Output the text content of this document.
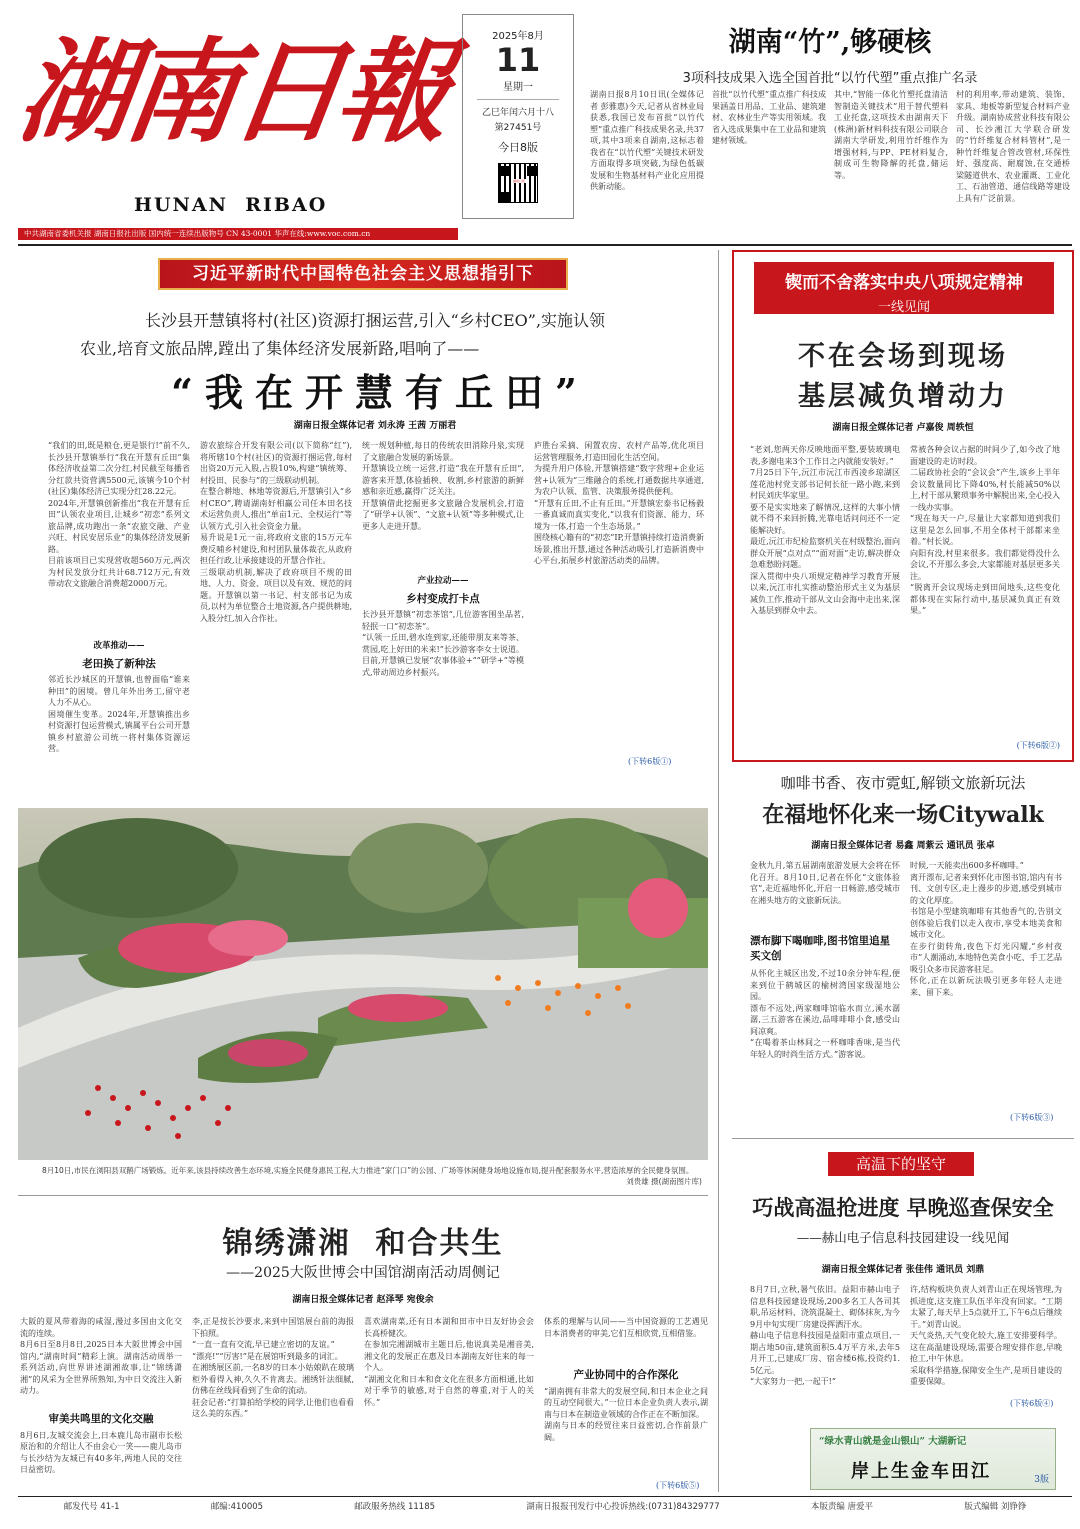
湖南日報
HUNAN  RIBAO
2025年8月
11
星期一
乙巳年闰六月十八
第27451号
今日8版
湖南日报
湖南“竹”,够硬核
3项科技成果入选全国首批“以竹代塑”重点推广名录
湖南日报8月10日讯(全媒体记者 彭雅惠)今天,记者从省林业局获悉,我国已发布首批“以竹代塑”重点推广科技成果名录,共37项,其中3项来自湖南,这标志着我省在“以竹代塑”关键技术研发方面取得多项突破,为绿色低碳发展和生物基材料产业化应用提供新动能。
首批“以竹代塑”重点推广科技成果涵盖日用品、工业品、建筑建材、农林业生产等实用领域。我省入选成果集中在工业品和建筑建材领域。
其中,“智能一体化竹塑托盘清洁智制造关键技术”用于替代塑料工业托盘,这项技术由湖南天下(株洲)新材料科技有限公司联合湖南大学研发,利用竹纤维作为增强材料,与PP、PE材料复合,制成可生物降解的托盘,储运等。
村的利用率,带动建筑、装饰、家具、地板等新型复合材料产业升级。湖南协成营业科技有限公司、长沙湘江大学联合研发的“竹纤维复合材料管材”,是一种竹纤维复合管改管材,环保性好、强度高、耐腐蚀,在交通桥梁隧道供水、农业灌溉、工业化工、石油管道、通信线路等建设上具有广泛前景。
中共湖南省委机关报 湖南日报社出版 国内统一连续出版物号 CN 43-0001 华声在线:www.voc.com.cn
习近平新时代中国特色社会主义思想指引下
长沙县开慧镇将村(社区)资源打捆运营,引入“乡村CEO”,实施认领
农业,培育文旅品牌,蹚出了集体经济发展新路,唱响了——
“我在开慧有丘田”
湖南日报全媒体记者 刘永涛 王茜 万丽君
“我们的田,既是粮仓,更是银行!”前不久,长沙县开慧镇举行“我在开慧有丘田”集体经济收益第二次分红,村民截至每播省分红款共资营满5500元,该镇今10个村(社区)集体经济已实现分红28.22元。
2024年,开慧镇创新推出“我在开慧有丘田”认领农业项目,让城乡“初恋”系列文旅品牌,成功跑出一条“农旅交融、产业兴旺、村民安居乐业”的集体经济发展新路。
目前该项目已实现营收超560万元,两次为村民发放分红共计68.712万元,有效带动农文旅融合消费超2000万元。
改革推动——
老田换了新种法
邻近长沙城区的开慧镇,也曾面临“谁来种田”的困境。曾几年外出务工,留守老人力不从心。
困境催生变革。2024年,开慧镇推出乡村资源打包运营模式,镇属平台公司开慧镇乡村旅游公司统一将村集体资源运营。
游农旅综合开发有限公司(以下简称“红”),将所辖10个村(社区)的资源打捆运营,每村出资20万元入股,占股10%,构建“镇统筹、村投田、民参与”的三级联动机制。
在整合耕地、林地等资源后,开慧镇引入“乡村CEO”,聘请湖南好相赢公司任本田名技术运营负责人,推出“单亩1元、全权运行”等认领方式,引入社会资金力量。
易升说是1元一亩,将政府文旅的15万元车费反哺乡村建设,和村团队量体裁衣,从政府担任行政,让承接建设的开慧合作社。
三级联动机制,解决了政府项目不规的田地、人力、资金、项目以及有效、规范的问题。开慧镇以第一书记、村支部书记为成员,以村为单位整合土地资源,各户提供耕地,入股分红,加入合作社。
统一规划种植,每日的传统农田消除丹泉,实现了文旅融合发展的新场景。
开慧镇设立统一运营,打造“我在开慧有丘田”,游客来开慧,体验插秧、收割,乡村旅游的新鲜感和亲近感,赢得广泛关注。
开慧镇借此挖掘更多文旅融合发展机会,打造了“研学+认领”、“文旅+认领”等多种模式,让更多人走进开慧。
产业拉动——
乡村变成打卡点
长沙县开慧镇“初恋茶馆”,几位游客围坐品茗,轻抿一口“初恋茶”。
“认领一丘田,碧水连到家,还能带朋友来等茶、赏园,吃上好田的米来!”长沙游客李女士说道。
目前,开慧镇已发展“农事体验+”“研学+”等模式,带动周边乡村振兴。
庐胜台采摘、闲置农房、农村产品等,优化项目运营管理服务,打造田园化生活空间。
为提升用户体验,开慧镇搭建“数字营理+企业运营+认领为”三维融合的系统,打通数据共享通道,为农户认领、监管、决策服务提供便利。
“开慧有丘田,不止有丘田。”开慧镇宏泰书记杨毅一番真诚而真实变化,“以我有们资源、能力、环境为一体,打造一个生态场景。”
围绕核心籍有的“初恋”IP,开慧镇持续打造消费新场景,推出开慧,通过各种活动吸引,打造新消费中心平台,拓展乡村旅游活动类的品牌。
(下转6版①)
锲而不舍落实中央八项规定精神
一线见闻
不在会场到现场
基层减负增动力
湖南日报全媒体记者 卢嘉俊 周轶恒
“老刘,您两天你反映地面平整,要装玻璃电表,多谢电来3个工作日之内就能安装好。”
7月25日下午,沅江市沅江市西凌乡琼湖区莲花池村党支部书记何长征一路小跑,来到村民刘庆华家里。
要不是实实地来了解情况,这样的大事小情就不得不来回折腾,光靠电话问问还不一定能解决好。
最近,沅江市纪检监察机关在村级整治,面向群众开展“点对点”“面对面”走访,解决群众急难愁盼问题。
深入贯彻中央八项规定精神学习教育开展以来,沅江市扎实推动整治形式主义为基层减负工作,推动干部从文山会海中走出来,深入基层到群众中去。
常被各种会议占据的时间少了,如今改了地面建设的走访时段。
二届政协社会的“会议会”产生,该乡上半年会议数量同比下降40%,村长能减50%以上,村干部从繁琐事务中解脱出来,全心投入一线办实事。
“现在每天一户,尽量让大家都知道到我们这里是怎么回事,不用全体村干部都来坐着。”村长说。
向阳有没,村里来很多。我们都觉得没什么会议,不开那么多会,大家都能对基层更多关注。
“脱离开会议现场走到田间地头,这些变化都体现在实际行动中,基层减负真正有效果。”
(下转6版②)
8月10日,市民在浏阳县双鹅广场锻炼。近年来,该县持续改善生态环境,实施全民健身惠民工程,大力推进“家门口”的公园、广场等休闲健身场地设施布局,提升配套服务水平,营造浓厚的全民健身氛围。
刘贵雄 摄(湖南图片库)
咖啡书香、夜市霓虹,解锁文旅新玩法
在福地怀化来一场Citywalk
湖南日报全媒体记者 易鑫 周紫云 通讯员 张卓
金秋九月,第五届湖南旅游发展大会将在怀化召开。8月10日,记者在怀化“文旅体验官”,走近福地怀化,开启一日畅游,感受城市在湘头地方的文旅新玩法。
漂布脚下喝咖啡,图书馆里追星买文创
从怀化主城区出发,不过10余分钟车程,便来到位于鹤城区的榆树湾国家级湿地公园。
漂布不远处,两家咖啡馆临水而立,溪水潺潺,三五游客在溪边,品啡啡啡小食,感受山间凉爽。
“在喝着茶山林间之一杯咖啡香味,是当代年轻人的时尚生活方式。”游客说。
时候,一天能卖出600多杯咖啡。”
离开漂布,记者来到怀化市图书馆,馆内有书刊、文创专区,走上漫步的步道,感受到城市的文化厚度。
书馆是小型建筑咖啡有其他香气的,告别文创体验后我们以走入夜市,享受本地美食和城市文化。
在步行街转角,夜色下灯光闪耀,“乡村夜市”人潮涌动,本地特色美食小吃、手工艺品吸引众多市民游客驻足。
怀化,正在以新玩法吸引更多年轻人走进来、留下来。
(下转6版③)
高温下的坚守
巧战高温抢进度 早晚巡查保安全
——赫山电子信息科技园建设一线见闻
湖南日报全媒体记者 张佳伟 通讯员 刘鼎
8月7日,立秋,暑气依旧。益阳市赫山电子信息科技园建设现场,200多名工人各司其职,吊运材料、浇筑混凝土、砌体抹灰,为今9月中旬实现厂房建设挥洒汗水。
赫山电子信息科技园是益阳市重点项目,一期占地50亩,建筑面积5.4万平方米,去年5月开工,已建成厂房、宿舍楼6栋,投资约1.5亿元。
“大家努力一把,一起干!”
许,结构板块负责人刘青山正在现场管理,为抓进度,这支施工队伍半年没有回家。“工期太紧了,每天早上5点就开工,下午6点后继续干。”刘青山说。
天气炎热,天气变化较大,施工安排要科学。这在高温建设现场,需要合理安排作息,早晚抢工,中午休息。
采取科学措施,保障安全生产,是项目建设的重要保障。
(下转6版④)
“绿水青山就是金山银山” 大湖新记
岸上生金车田江	3版
锦绣潇湘  和合共生
——2025大阪世博会中国馆湖南活动周侧记
湖南日报全媒体记者 赵泽琴 宛俊余
大阪的夏风带着海的咸湿,漫过多国由文化交流的连续。
8月6日至8月8日,2025日本大阪世博会中国馆内,“湖南时间”精彩上演。湖南活动周举一系列活动,向世界讲述湖湘故事,让“锦绣潇湘”的风采为全世界所熟知,为中日交流注入新动力。
审美共鸣里的文化交融
8月6日,友城交流会上,日本鹿儿岛市副市长松原治和的介绍让人不由会心一笑——鹿儿岛市与长沙结为友城已有40多年,两地人民的交往日益密切。
李,正是按长沙要求,来到中国馆展台前的海报下拍照。
“一直一直有交流,早已建立密切的友谊。”
“漂亮!”“厉害!”是在展馆听到最多的词汇。
在湘绣展区前,一名8岁的日本小姑娘趴在玻璃柜外看得入神,久久不肯离去。湘绣针法细腻,仿佛在丝线间看到了生命的流动。
驻会记者:“打算拍给学校的同学,让他们也看看这么美的东西。”
喜欢湖南菜,还有日本湖和田市中日友好协会会长高桥健次。
在参加完湘湖城市主题日后,他说真美是湘音美,湘文化的发展正在惠及日本湖南友好往来的每一个人。
“湖湘文化和日本和食文化在很多方面相通,比如对于季节的敏感,对于自然的尊重,对于人的关怀。”
体系的理解与认同——当中国资源的工艺遇见日本消费者的审美,它们互相欣赏,互相借鉴。
产业协同中的合作深化
“湖南拥有非常大的发展空间,和日本企业之间的互动空间很大。”一位日本企业负责人表示,湖南与日本在制造业领域的合作正在不断加深。
湖南与日本的经贸往来日益密切,合作前景广阔。
(下转6版⑤)
邮发代号 41-1	邮编:410005	邮政服务热线 11185	湖南日报报刊发行中心投诉热线:(0731)84329777	本版责编 唐爱平	版式编辑 刘铮铮
